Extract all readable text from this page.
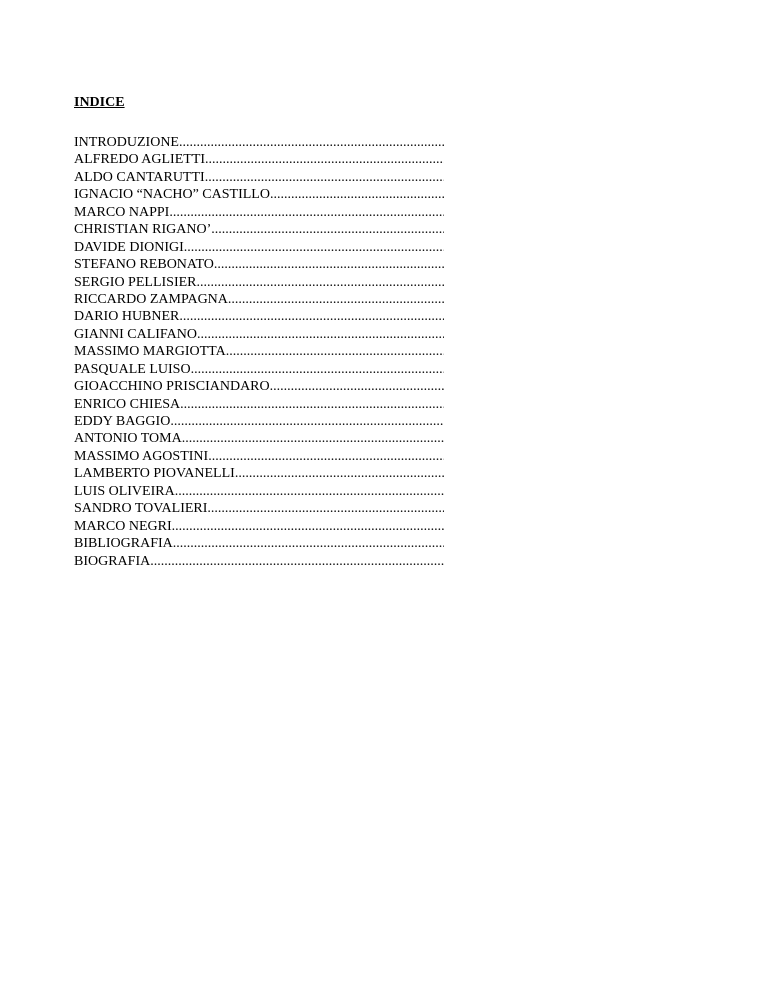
INDICE
INTRODUZIONE
.....
ALFREDO AGLIETTI
.....
ALDO CANTARUTTI
.....
IGNACIO “NACHO” CASTILLO
.....
MARCO NAPPI
.....
CHRISTIAN RIGANO’
.....
DAVIDE DIONIGI
.....
STEFANO REBONATO
.....
SERGIO PELLISIER
.....
RICCARDO ZAMPAGNA
.....
DARIO HUBNER
.....
GIANNI CALIFANO
.....
MASSIMO MARGIOTTA
.....
PASQUALE LUISO
.....
GIOACCHINO PRISCIANDARO
.....
ENRICO CHIESA
.....
EDDY BAGGIO
.....
ANTONIO TOMA
.....
MASSIMO AGOSTINI
.....
LAMBERTO PIOVANELLI
.....
LUIS OLIVEIRA
.....
SANDRO TOVALIERI
.....
MARCO NEGRI
.....
BIBLIOGRAFIA
.....
BIOGRAFIA
.....
